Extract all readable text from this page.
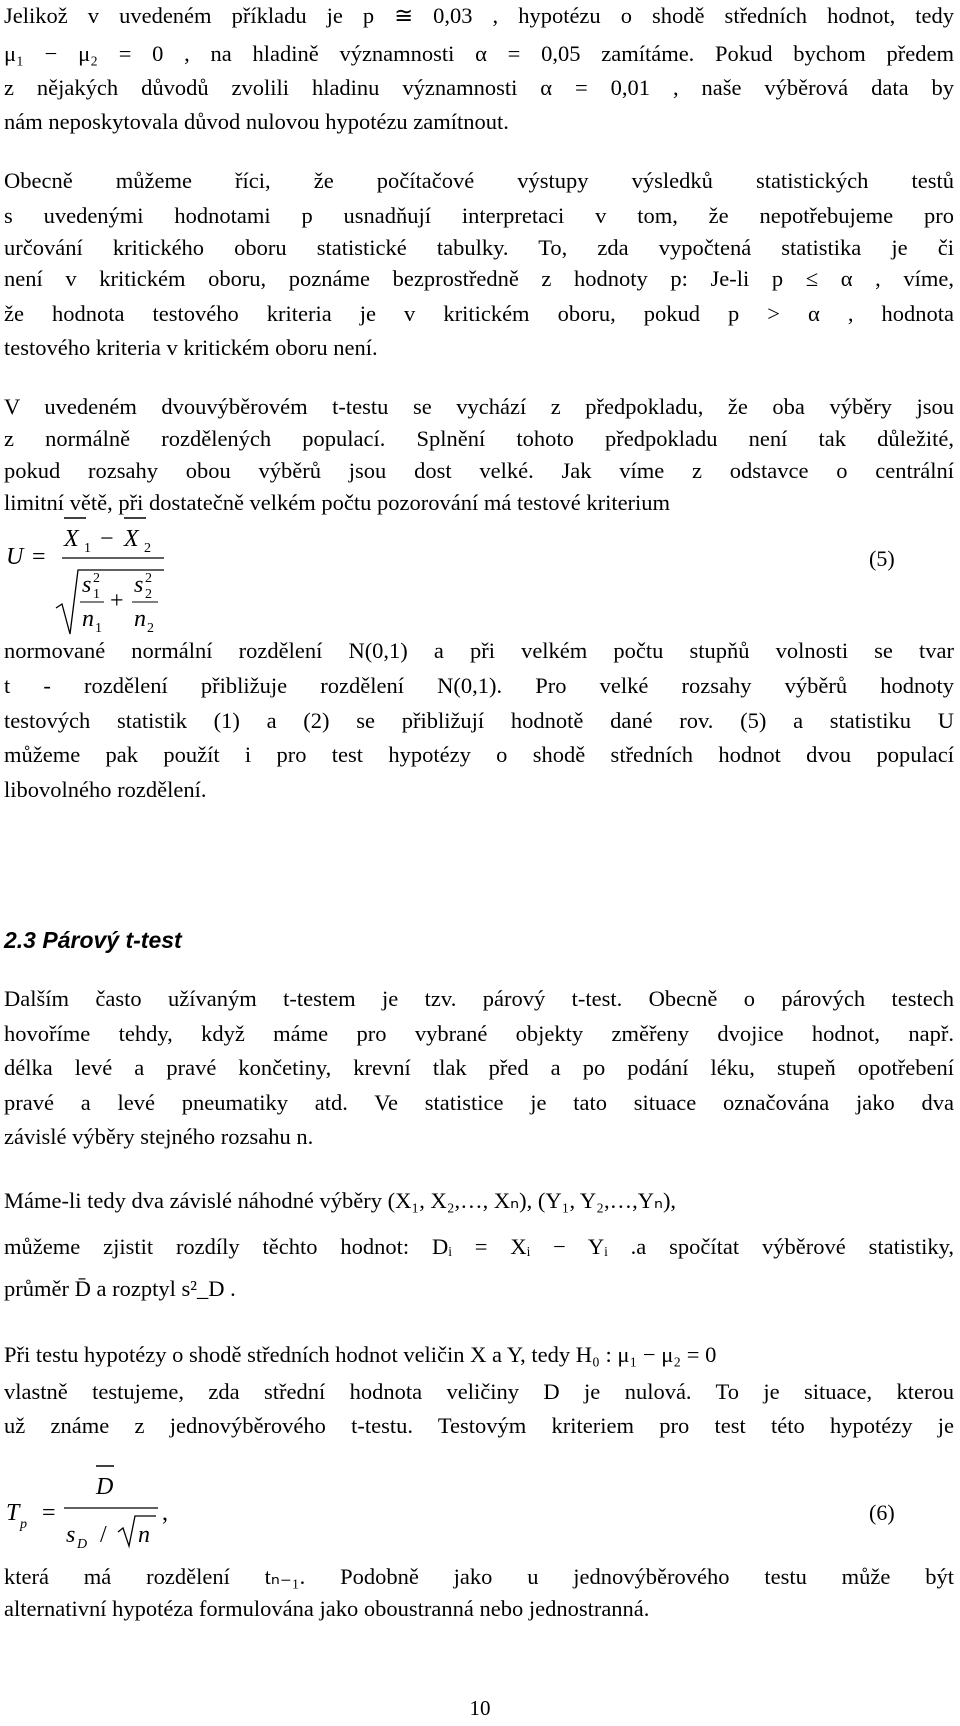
Jelikož v uvedeném příkladu je p ≅ 0,03 , hypotézu o shodě středních hodnot, tedy
μ₁ − μ₂ = 0 , na hladině významnosti α = 0,05 zamítáme. Pokud bychom předem
z nějakých důvodů zvolili hladinu významnosti α = 0,01 , naše výběrová data by
nám neposkytovala důvod nulovou hypotézu zamítnout.
Obecně můžeme říci, že počítačové výstupy výsledků statistických testů
s uvedenými hodnotami p usnadňují interpretaci v tom, že nepotřebujeme pro
určování kritického oboru statistické tabulky. To, zda vypočtená statistika je či
není v kritickém oboru, poznáme bezprostředně z hodnoty p: Je-li p ≤ α , víme,
že hodnota testového kriteria je v kritickém oboru, pokud p > α , hodnota
testového kriteria v kritickém oboru není.
V uvedeném dvouvýběrovém t-testu se vychází z předpokladu, že oba výběry jsou
z normálně rozdělených populací. Splnění tohoto předpokladu není tak důležité,
pokud rozsahy obou výběrů jsou dost velké. Jak víme z odstavce o centrální
limitní větě, při dostatečně velkém počtu pozorování má testové kriterium
U =
X 1 − X 2
s 2
1
n 1
+
s 2
2
n 2
(5)
normované normální rozdělení N(0,1) a při velkém počtu stupňů volnosti se tvar
t - rozdělení přibližuje rozdělení N(0,1). Pro velké rozsahy výběrů hodnoty
testových statistik (1) a (2) se přibližují hodnotě dané rov. (5) a statistiku U
můžeme pak použít i pro test hypotézy o shodě středních hodnot dvou populací
libovolného rozdělení.
2.3 Párový t-test
Dalším často užívaným t-testem je tzv. párový t-test. Obecně o párových testech
hovoříme tehdy, když máme pro vybrané objekty změřeny dvojice hodnot, např.
délka levé a pravé končetiny, krevní tlak před a po podání léku, stupeň opotřebení
pravé a levé pneumatiky atd. Ve statistice je tato situace označována jako dva
závislé výběry stejného rozsahu n.
Máme-li tedy dva závislé náhodné výběry (X₁, X₂,…, Xₙ), (Y₁, Y₂,…,Yₙ),
můžeme zjistit rozdíly těchto hodnot: Dᵢ = Xᵢ − Yᵢ .a spočítat výběrové statistiky,
průměr D̄ a rozptyl s²_D .
Při testu hypotézy o shodě středních hodnot veličin X a Y, tedy H₀ : μ₁ − μ₂ = 0
vlastně testujeme, zda střední hodnota veličiny D je nulová. To je situace, kterou
už známe z jednovýběrového t-testu. Testovým kriteriem pro test této hypotézy je
T p =
D
s D / n
,	(6)
která má rozdělení tₙ₋₁. Podobně jako u jednovýběrového testu může být
alternativní hypotéza formulována jako oboustranná nebo jednostranná.
10
